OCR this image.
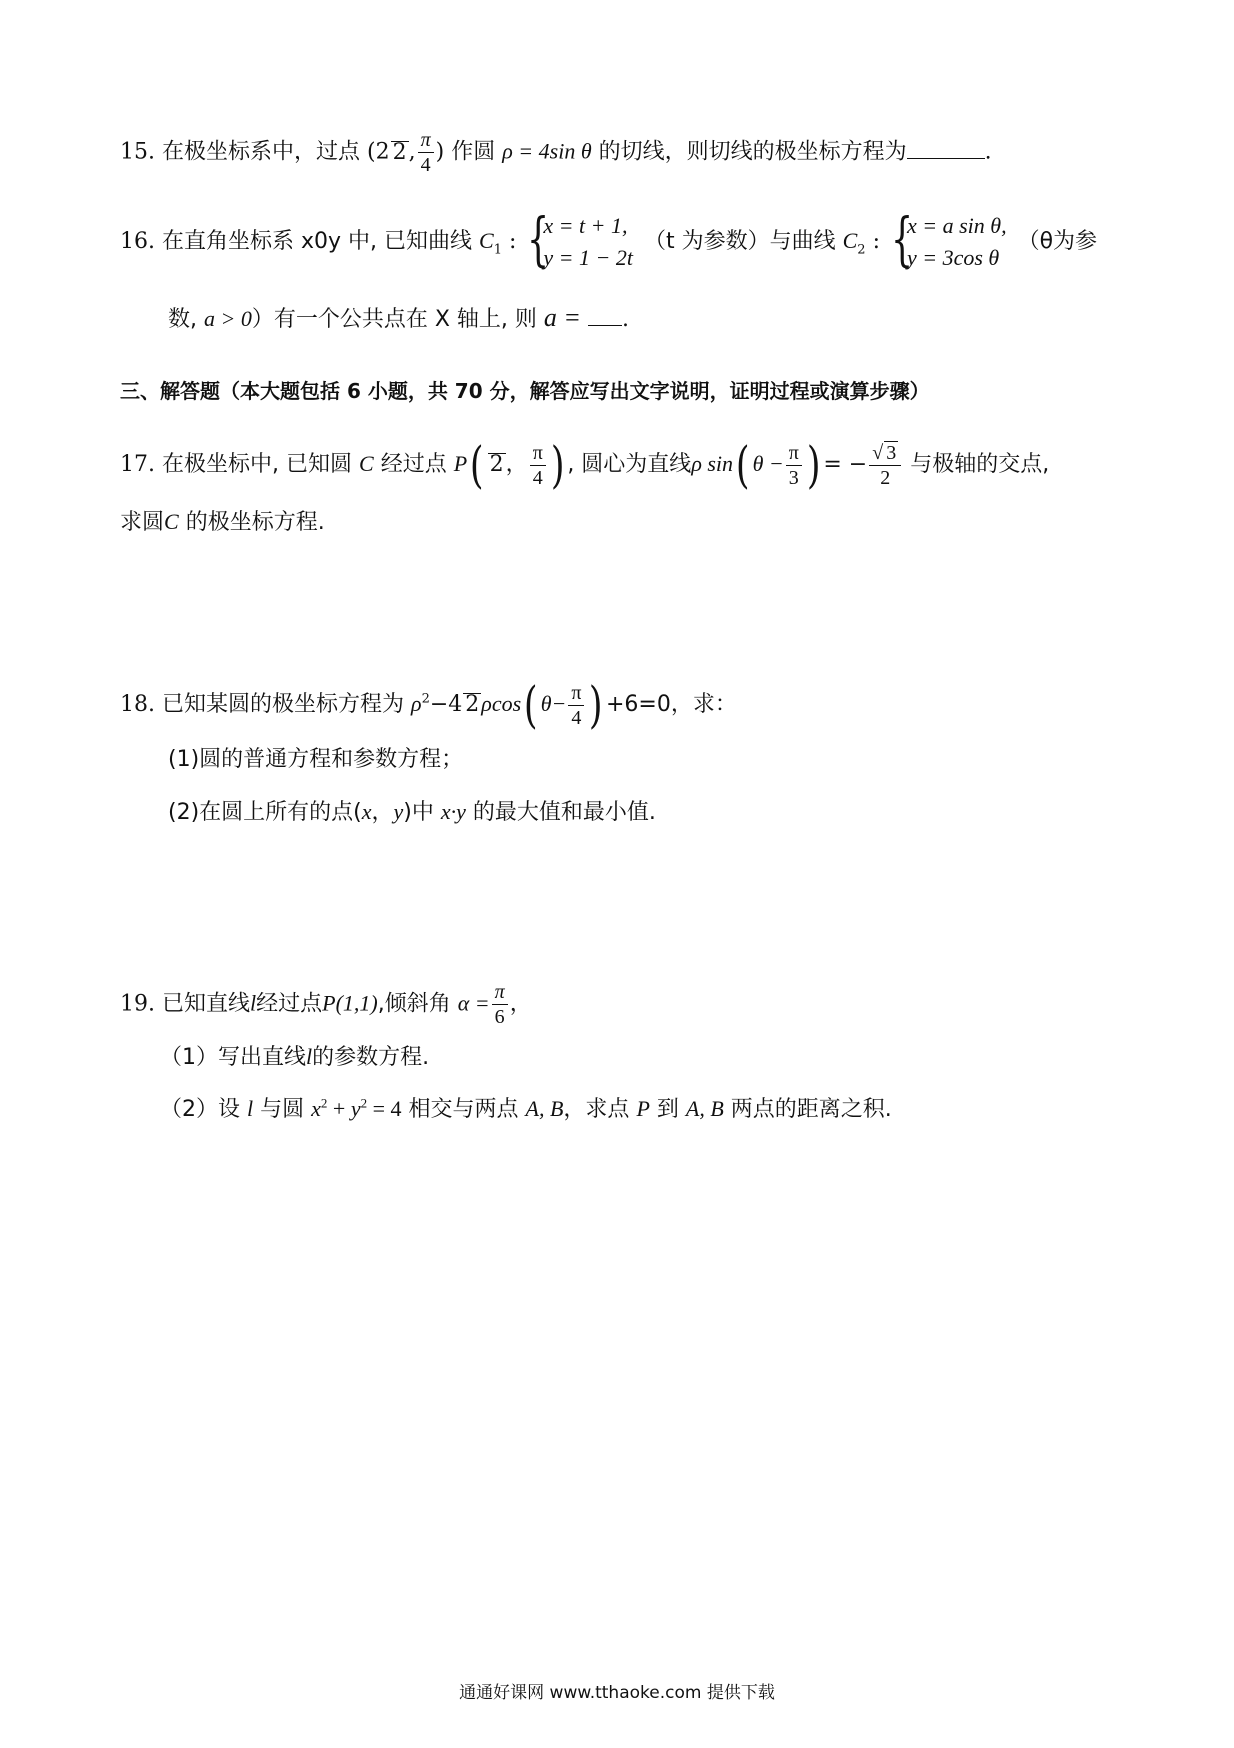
15. 在极坐标系中，过点 (2 2, $\frac{\pi}{4}$ ) 作圆 ρ = 4sin θ 的切线，则切线的极坐标方程为	.
16. 在直角坐标系 x0y 中, 已知曲线 $C_1$ : {
x = t + 1,
y = 1 − 2t
（t 为参数）与曲线 $C_2$ : {
x = a sin θ,
y = 3cos θ
（θ为参
数, a > 0）有一个公共点在 X 轴上, 则 a = .
三、解答题（本大题包括 6 小题，共 70 分，解答应写出文字说明，证明过程或演算步骤）
17. 在极坐标中, 已知圆 C 经过点 P( 2， $\frac{\pi}{4}$ ) , 圆心为直线ρ sin( $\theta - \frac{\pi}{3}$ ) = − $\frac{√ 3}{2}$ 与极轴的交点,
求圆C 的极坐标方程.
18. 已知某圆的极坐标方程为 $\rho^2-4$ 2ρcos( $\theta- \frac{\pi}{4}$ ) +6=0，求：
(1)圆的普通方程和参数方程；
(2)在圆上所有的点(x，y)中 x·y 的最大值和最小值.
19. 已知直线l经过点P(1,1),倾斜角 $\alpha = \frac{\pi}{6}$ ，
（1）写出直线l的参数方程.
（2）设 l 与圆 $x^2 + y^2 = 4$ 相交与两点 A, B，求点 P 到 A, B 两点的距离之积.
通通好课网 www.tthaoke.com 提供下载
